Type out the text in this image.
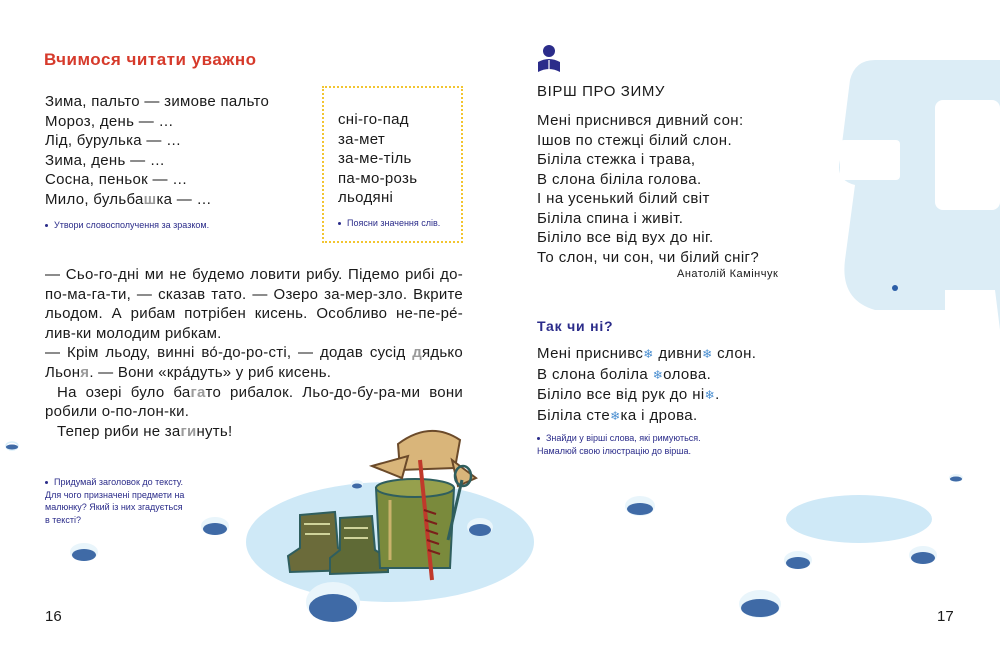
Вчимося читати уважно
Зима, пальто — зимове пальто
Мороз, день — …
Лід, бурулька — …
Зима, день — …
Сосна, пеньок — …
Мило, бульбашка — …
Утвори словосполучення за зразком.
сні-го-пад
за-мет
за-ме-тіль
па-мо-розь
льодяні
Поясни значення слів.

— Сьо-го-дні ми не будемо ловити рибу. Підемо рибі до-по-ма-га-ти, — сказав тато. — Озеро за-мер-зло. Вкрите льодом. А рибам потрібен кисень. Особливо не-пе-ре́-лив-ки молодим рибкам.

— Крім льоду, винні во́-до-ро-сті, — додав сусід дядько Льоня. — Вони «кра́дуть» у риб кисень.

На озері було багато рибалок. Льо-до-бу-ра-ми вони робили о-по-лон-ки.

Тепер риби не загинуть!

Придумай заголовок до тексту.
Для чого призначені предмети на
малюнку? Який із них згадується
в тексті?
16
ВІРШ ПРО ЗИМУ
Мені приснився дивний сон:
Ішов по стежці білий слон.
Біліла стежка і трава,
В слона біліла голова.
І на усенький білий світ
Біліла спина і живіт.
Біліло все від вух до ніг.
То слон, чи сон, чи білий сніг?
Анатолій Камінчук
Так чи ні?
Мені приснивс❄ дивни❄ слон.
В слона боліла ❄олова.
Біліло все від рук до ні❄.
Біліла сте❄ка і дрова.
Знайди у вірші слова, які римуються.
Намалюй свою ілюстрацію до вірша.
17
